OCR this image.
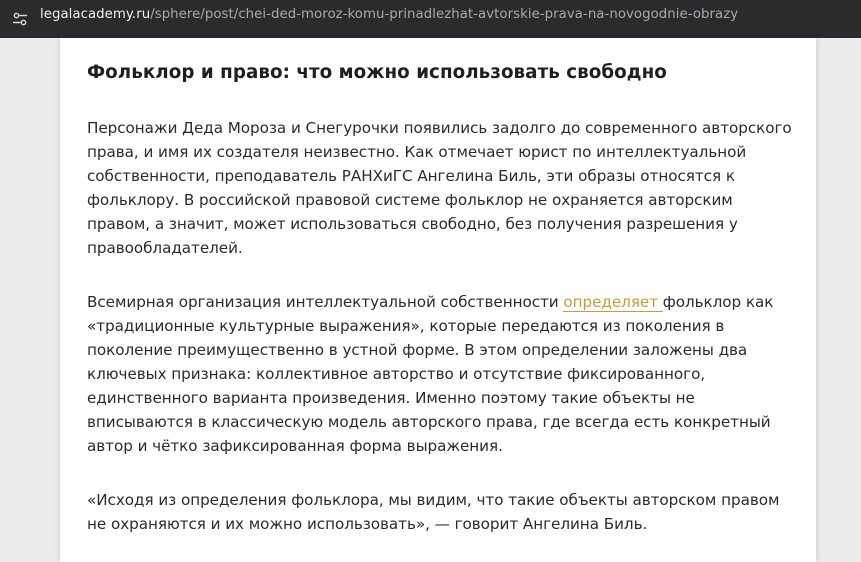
legalacademy.ru/sphere/post/chei-ded-moroz-komu-prinadlezhat-avtorskie-prava-na-novogodnie-obrazy
Фольклор и право: что можно использовать свободно

Персонажи Деда Мороза и Снегурочки появились задолго до современного авторского права, и имя их создателя неизвестно. Как отмечает юрист по интеллектуальной собственности, преподаватель РАНХиГС Ангелина Биль, эти образы относятся к фольклору. В российской правовой системе фольклор не охраняется авторским правом, а значит, может использоваться свободно, без получения разрешения у правообладателей.

Всемирная организация интеллектуальной собственности определяет фольклор как «традиционные культурные выражения», которые передаются из поколения в поколение преимущественно в устной форме. В этом определении заложены два ключевых признака: коллективное авторство и отсутствие фиксированного, единственного варианта произведения. Именно поэтому такие объекты не вписываются в классическую модель авторского права, где всегда есть конкретный автор и чётко зафиксированная форма выражения.

«Исходя из определения фольклора, мы видим, что такие объекты авторском правом не охраняются и их можно использовать», — говорит Ангелина Биль.
